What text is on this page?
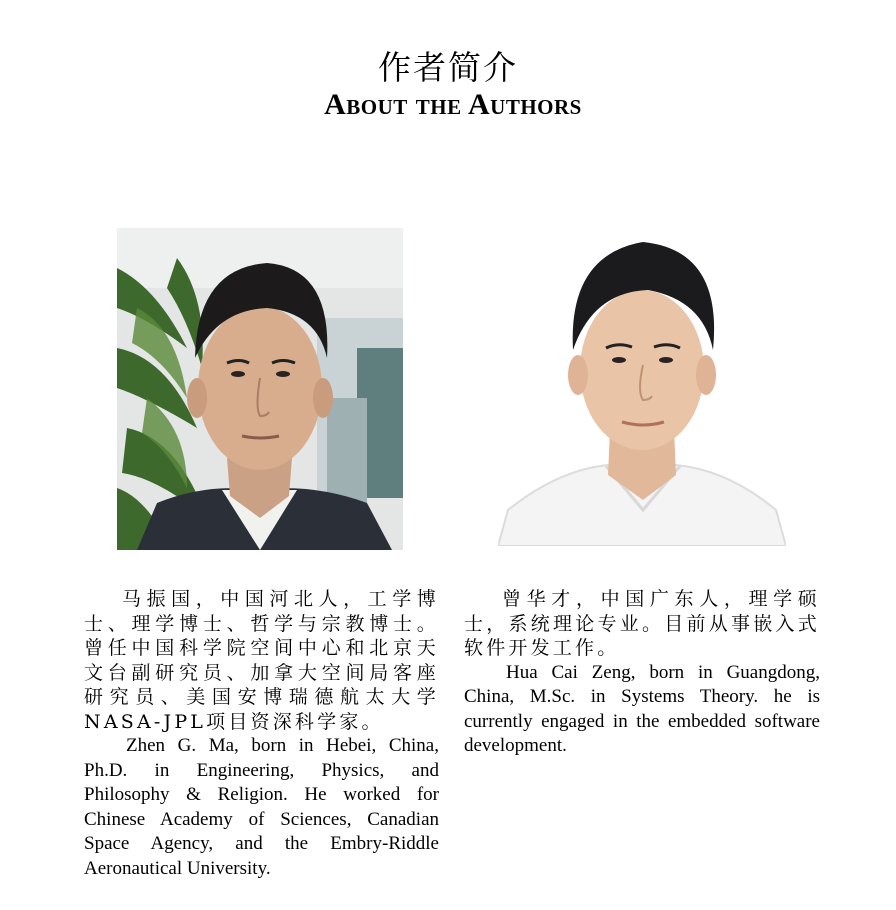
作者简介
About the Authors

马振国，中国河北人，工学博士、理学博士、哲学与宗教博士。曾任中国科学院空间中心和北京天文台副研究员、加拿大空间局客座研究员、美国安博瑞德航太大学NASA-JPL项目资深科学家。

Zhen G. Ma, born in Hebei, China, Ph.D. in Engineering, Physics, and Philosophy & Religion. He worked for Chinese Academy of Sciences, Canadian Space Agency, and the Embry-Riddle Aeronautical University.

曾华才，中国广东人，理学硕士，系统理论专业。目前从事嵌入式软件开发工作。

Hua Cai Zeng, born in Guangdong, China, M.Sc. in Systems Theory. he is currently engaged in the embedded software development.
